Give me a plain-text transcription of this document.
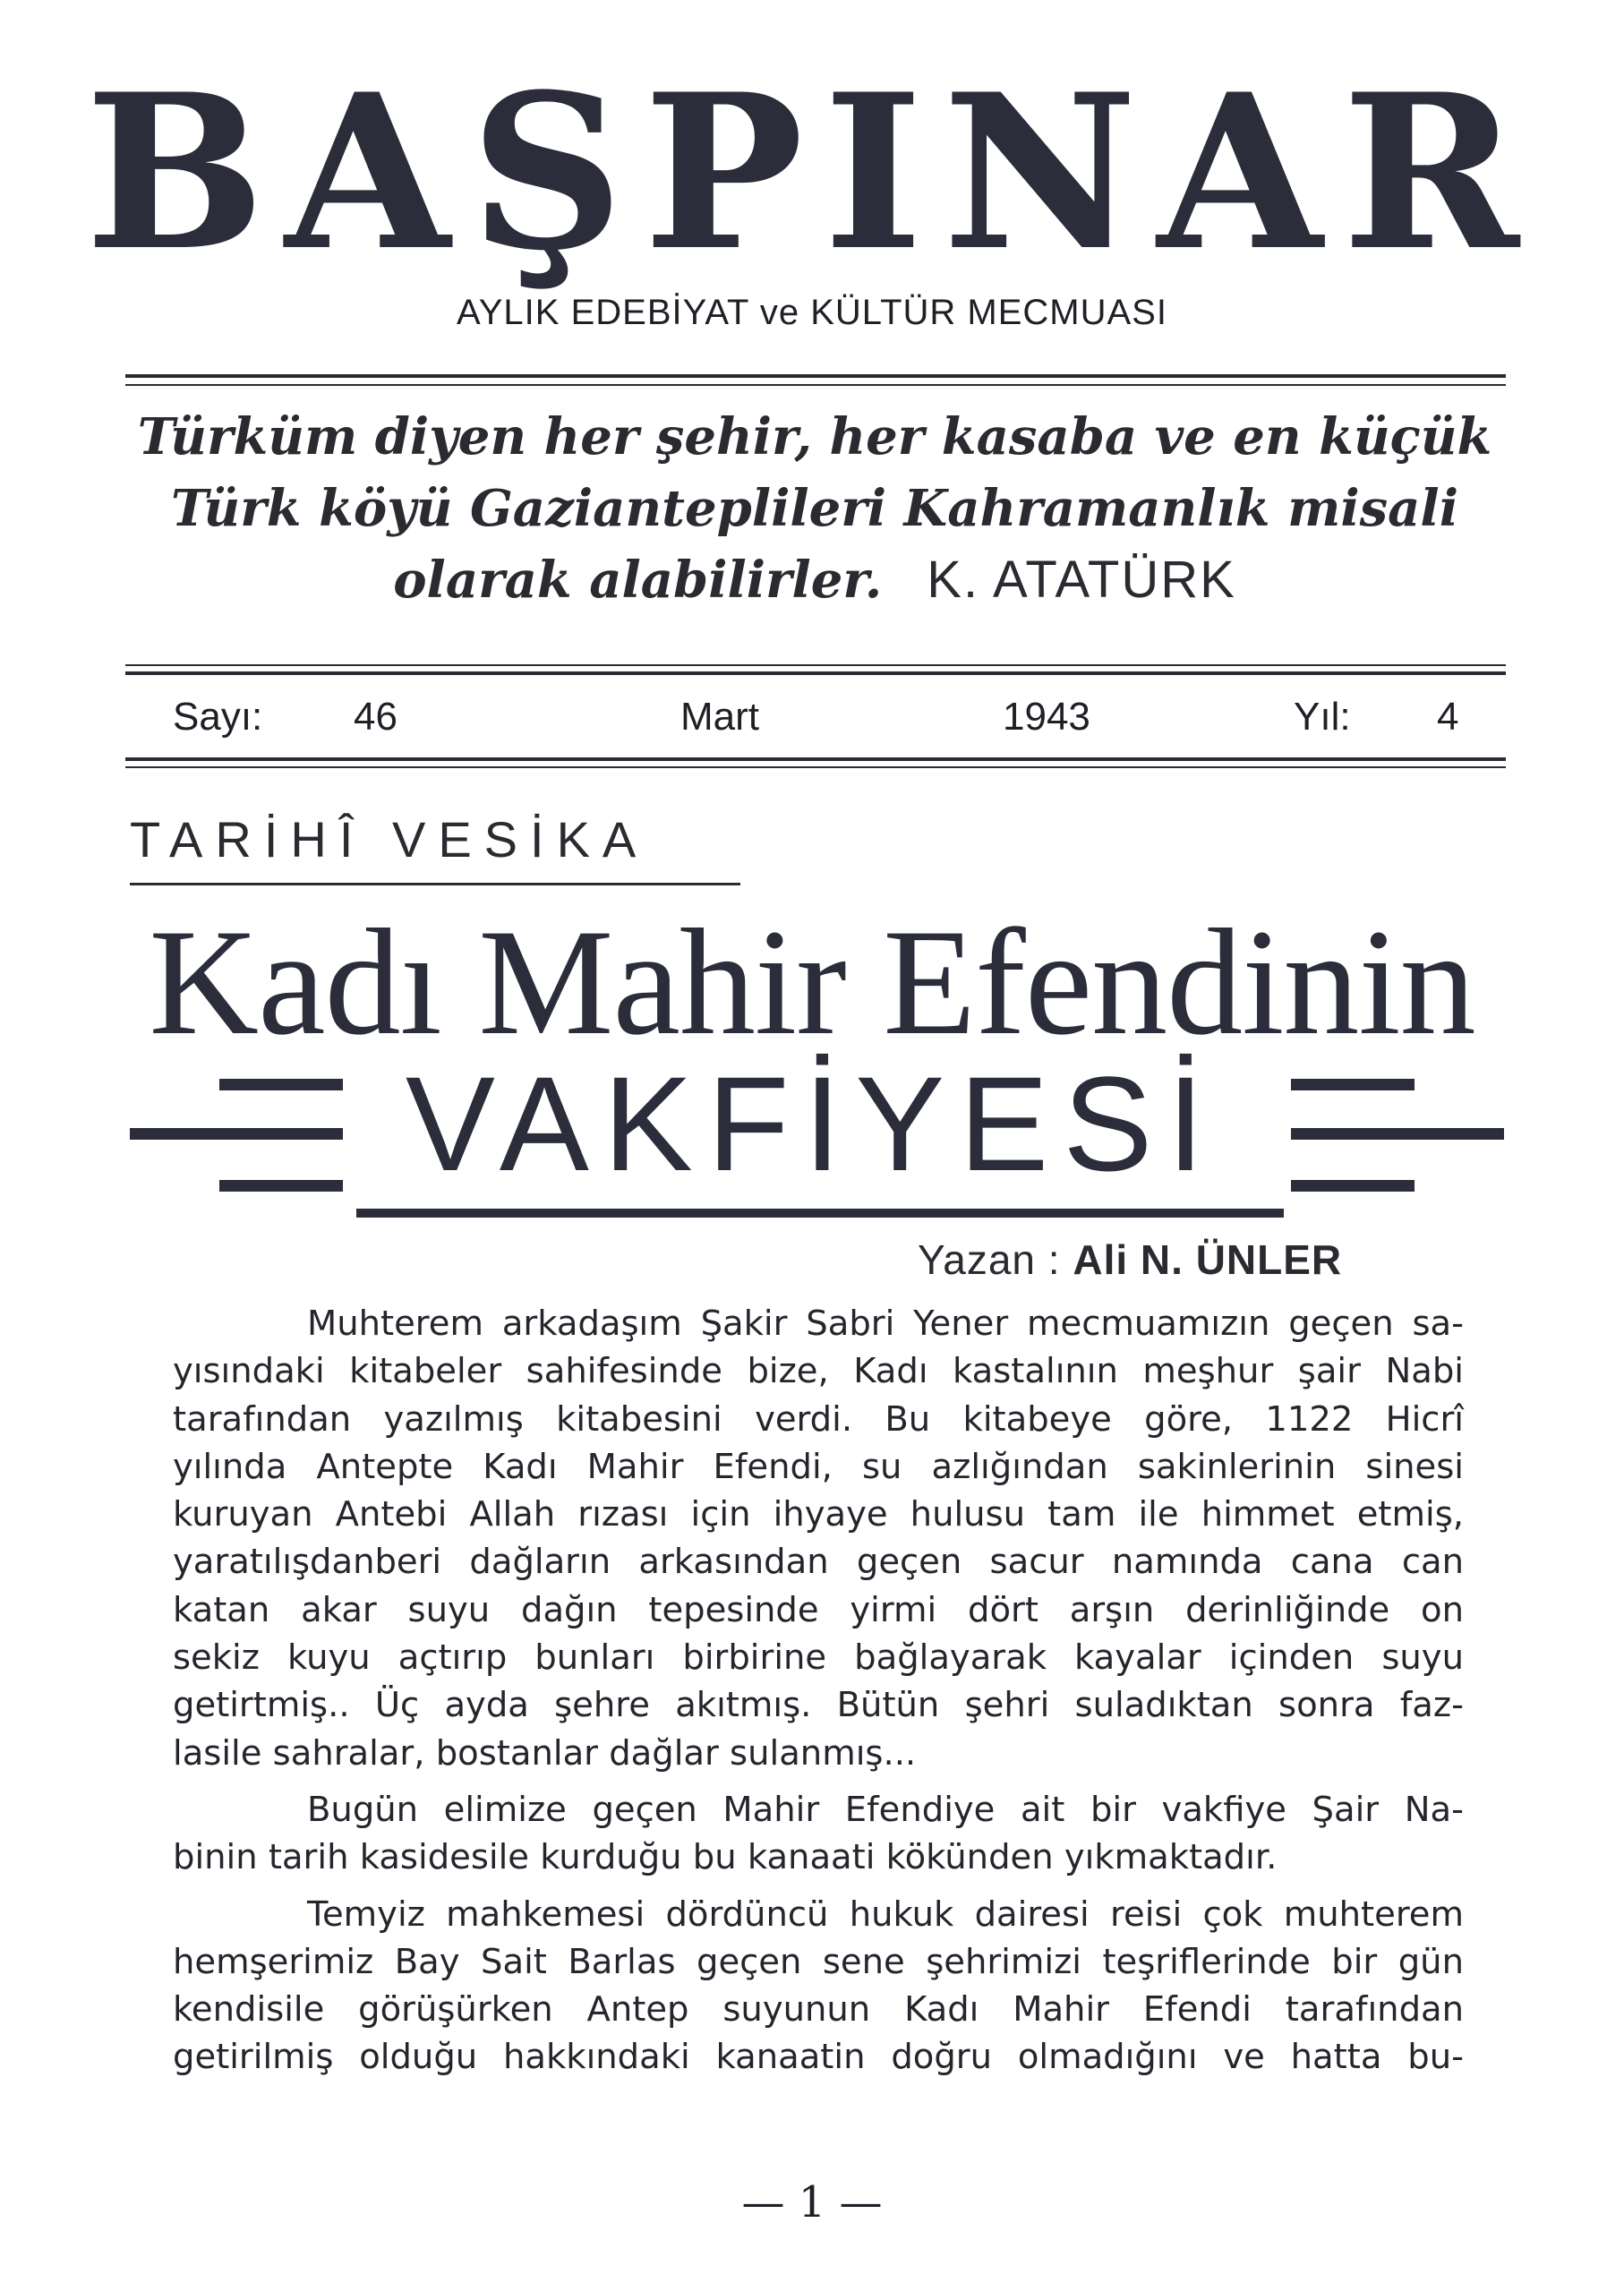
BAŞPINAR
AYLIK EDEBİYAT ve KÜLTÜR MECMUASI
Türküm diyen her şehir, her kasaba ve en küçük
Türk köyü Gazianteplileri Kahramanlık misali
olarak alabilirler. K. ATATÜRK
Sayı: 46	Mart	1943	Yıl: 4
TARİHÎ VESİKA
Kadı Mahir Efendinin
VAKFİYESİ
Yazan : Ali N. ÜNLER

Muhterem arkadaşım Şakir Sabri Yener mecmuamızın geçen sa-
yısındaki kitabeler sahifesinde bize, Kadı kastalının meşhur şair Nabi
tarafından yazılmış kitabesini verdi. Bu kitabeye göre, 1122 Hicrî
yılında Antepte Kadı Mahir Efendi, su azlığından sakinlerinin sinesi
kuruyan Antebi Allah rızası için ihyaye hulusu tam ile himmet etmiş,
yaratılışdanberi dağların arkasından geçen sacur namında cana can
katan akar suyu dağın tepesinde yirmi dört arşın derinliğinde on
sekiz kuyu açtırıp bunları birbirine bağlayarak kayalar içinden suyu
getirtmiş.. Üç ayda şehre akıtmış. Bütün şehri suladıktan sonra faz-
lasile sahralar, bostanlar dağlar sulanmış...

Bugün elimize geçen Mahir Efendiye ait bir vakfiye Şair Na-
binin tarih kasidesile kurduğu bu kanaati kökünden yıkmaktadır.

Temyiz mahkemesi dördüncü hukuk dairesi reisi çok muhterem
hemşerimiz Bay Sait Barlas geçen sene şehrimizi teşriflerinde bir gün
kendisile görüşürken Antep suyunun Kadı Mahir Efendi tarafından
getirilmiş olduğu hakkındaki kanaatin doğru olmadığını ve hatta bu-

— 1 —
